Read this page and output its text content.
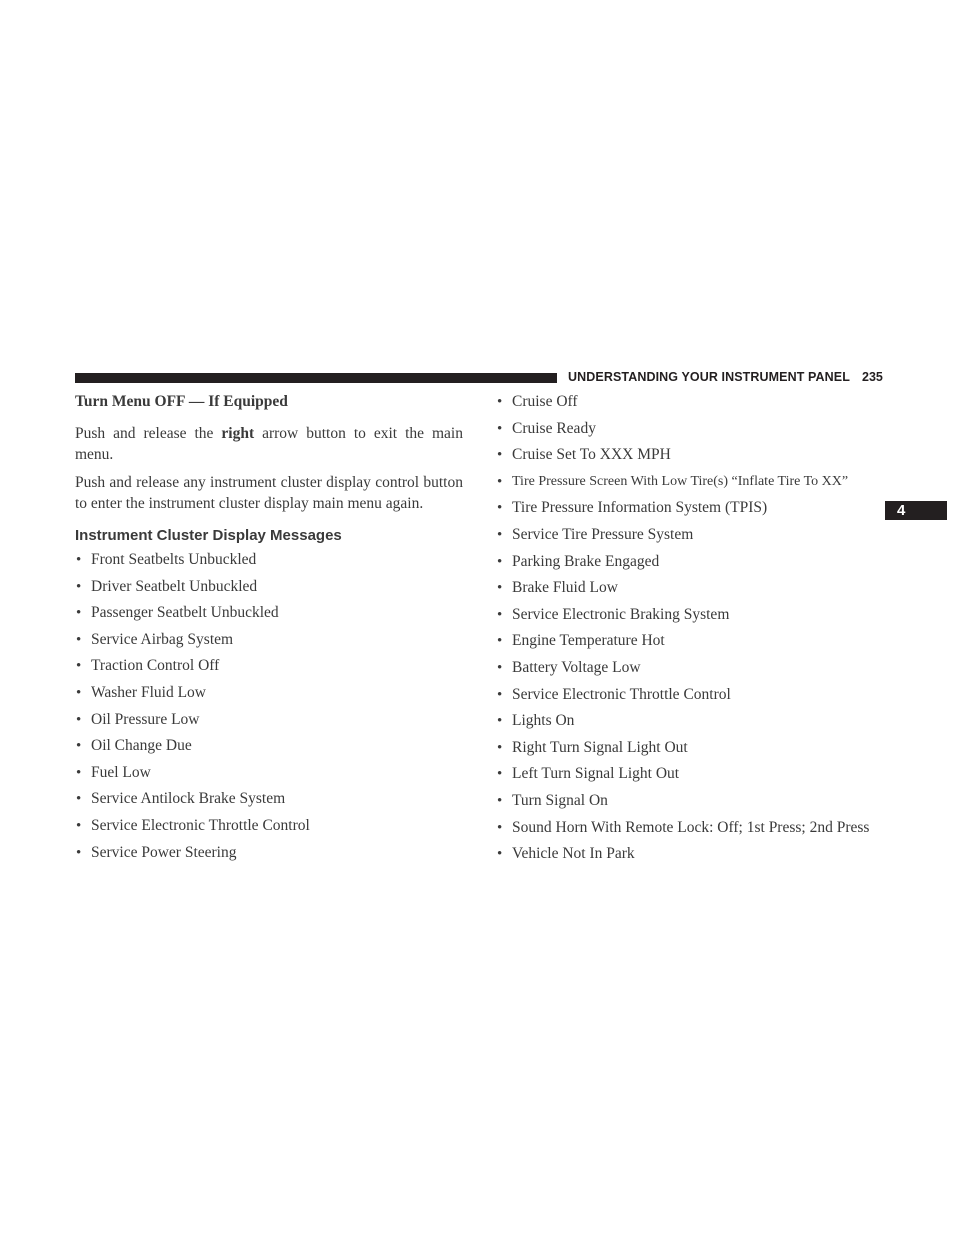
UNDERSTANDING YOUR INSTRUMENT PANEL 235
4
Turn Menu OFF — If Equipped

Push and release the right arrow button to exit the main menu.

Push and release any instrument cluster display control button to enter the instrument cluster display main menu again.

Instrument Cluster Display Messages
• Front Seatbelts Unbuckled
• Driver Seatbelt Unbuckled
• Passenger Seatbelt Unbuckled
• Service Airbag System
• Traction Control Off
• Washer Fluid Low
• Oil Pressure Low
• Oil Change Due
• Fuel Low
• Service Antilock Brake System
• Service Electronic Throttle Control
• Service Power Steering
• Cruise Off
• Cruise Ready
• Cruise Set To XXX MPH
• Tire Pressure Screen With Low Tire(s) “Inflate Tire To XX”
• Tire Pressure Information System (TPIS)
• Service Tire Pressure System
• Parking Brake Engaged
• Brake Fluid Low
• Service Electronic Braking System
• Engine Temperature Hot
• Battery Voltage Low
• Service Electronic Throttle Control
• Lights On
• Right Turn Signal Light Out
• Left Turn Signal Light Out
• Turn Signal On
• Sound Horn With Remote Lock: Off; 1st Press; 2nd Press
• Vehicle Not In Park
